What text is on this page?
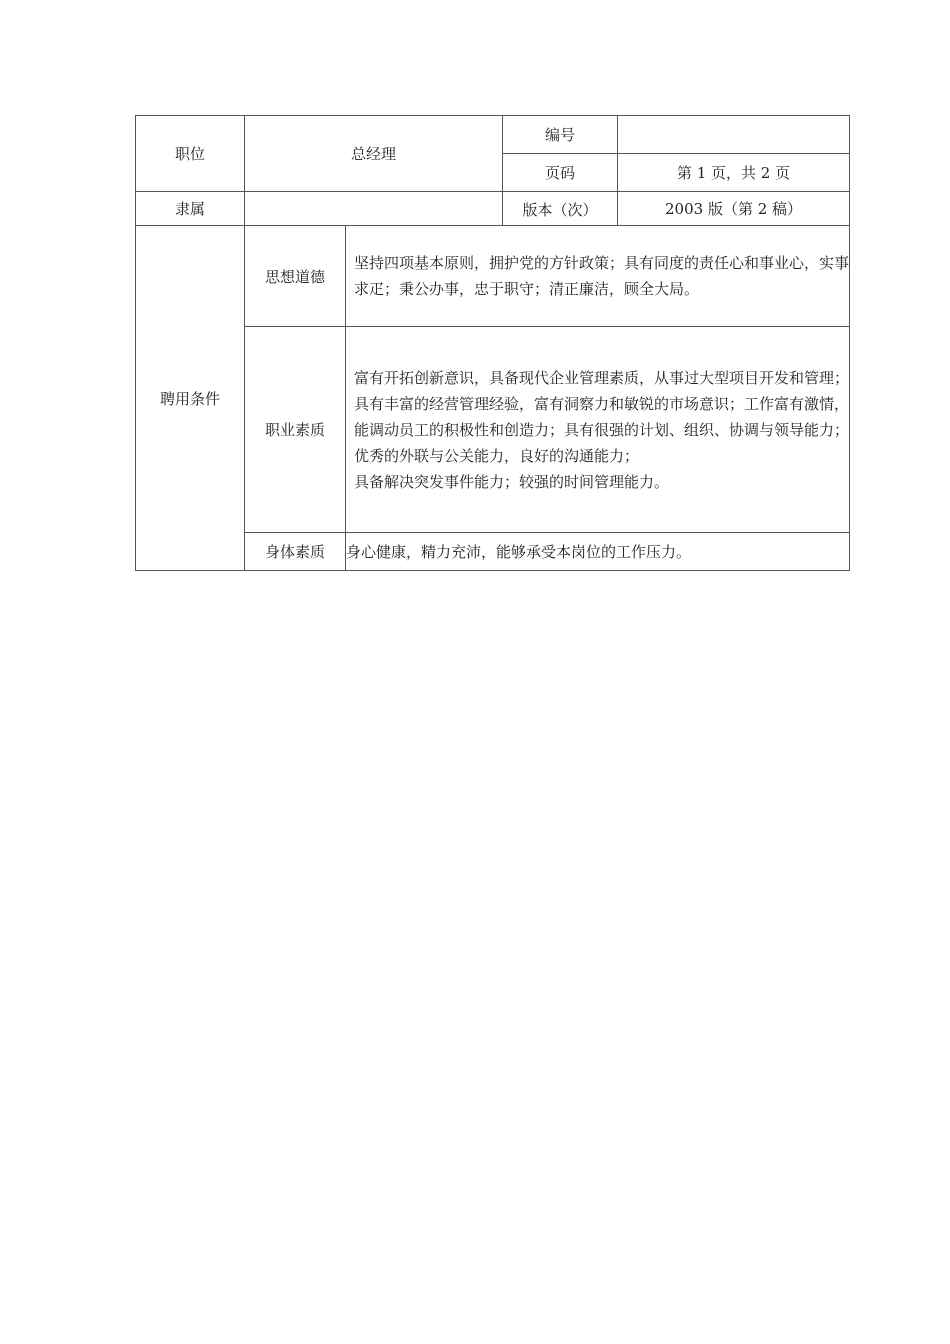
职位	总经理		编号	
			页码	第 1 页，共 2 页
隶属			版本（次）	2003 版（第 2 稿）
聘用条件	思想道德	坚持四项基本原则，拥护党的方针政策；具有同度的责任心和事业心，实事求疋；秉公办事，忠于职守；清正廉洁，顾全大局。		

	职业素质	富有开拓创新意识，具备现代企业管理素质，从事过大型项目开发和管理；
具有丰富的经营管理经验，富有洞察力和敏锐的市场意识；工作富有激情，能调动员工的积极性和创造力；具有很强的计划、组织、协调与领导能力；优秀的外联与公关能力，良好的沟通能力；
具备解决突发事件能力；较强的时间管理能力。		

	身体素质	身心健康，精力充沛，能够承受本岗位的工作压力。		
